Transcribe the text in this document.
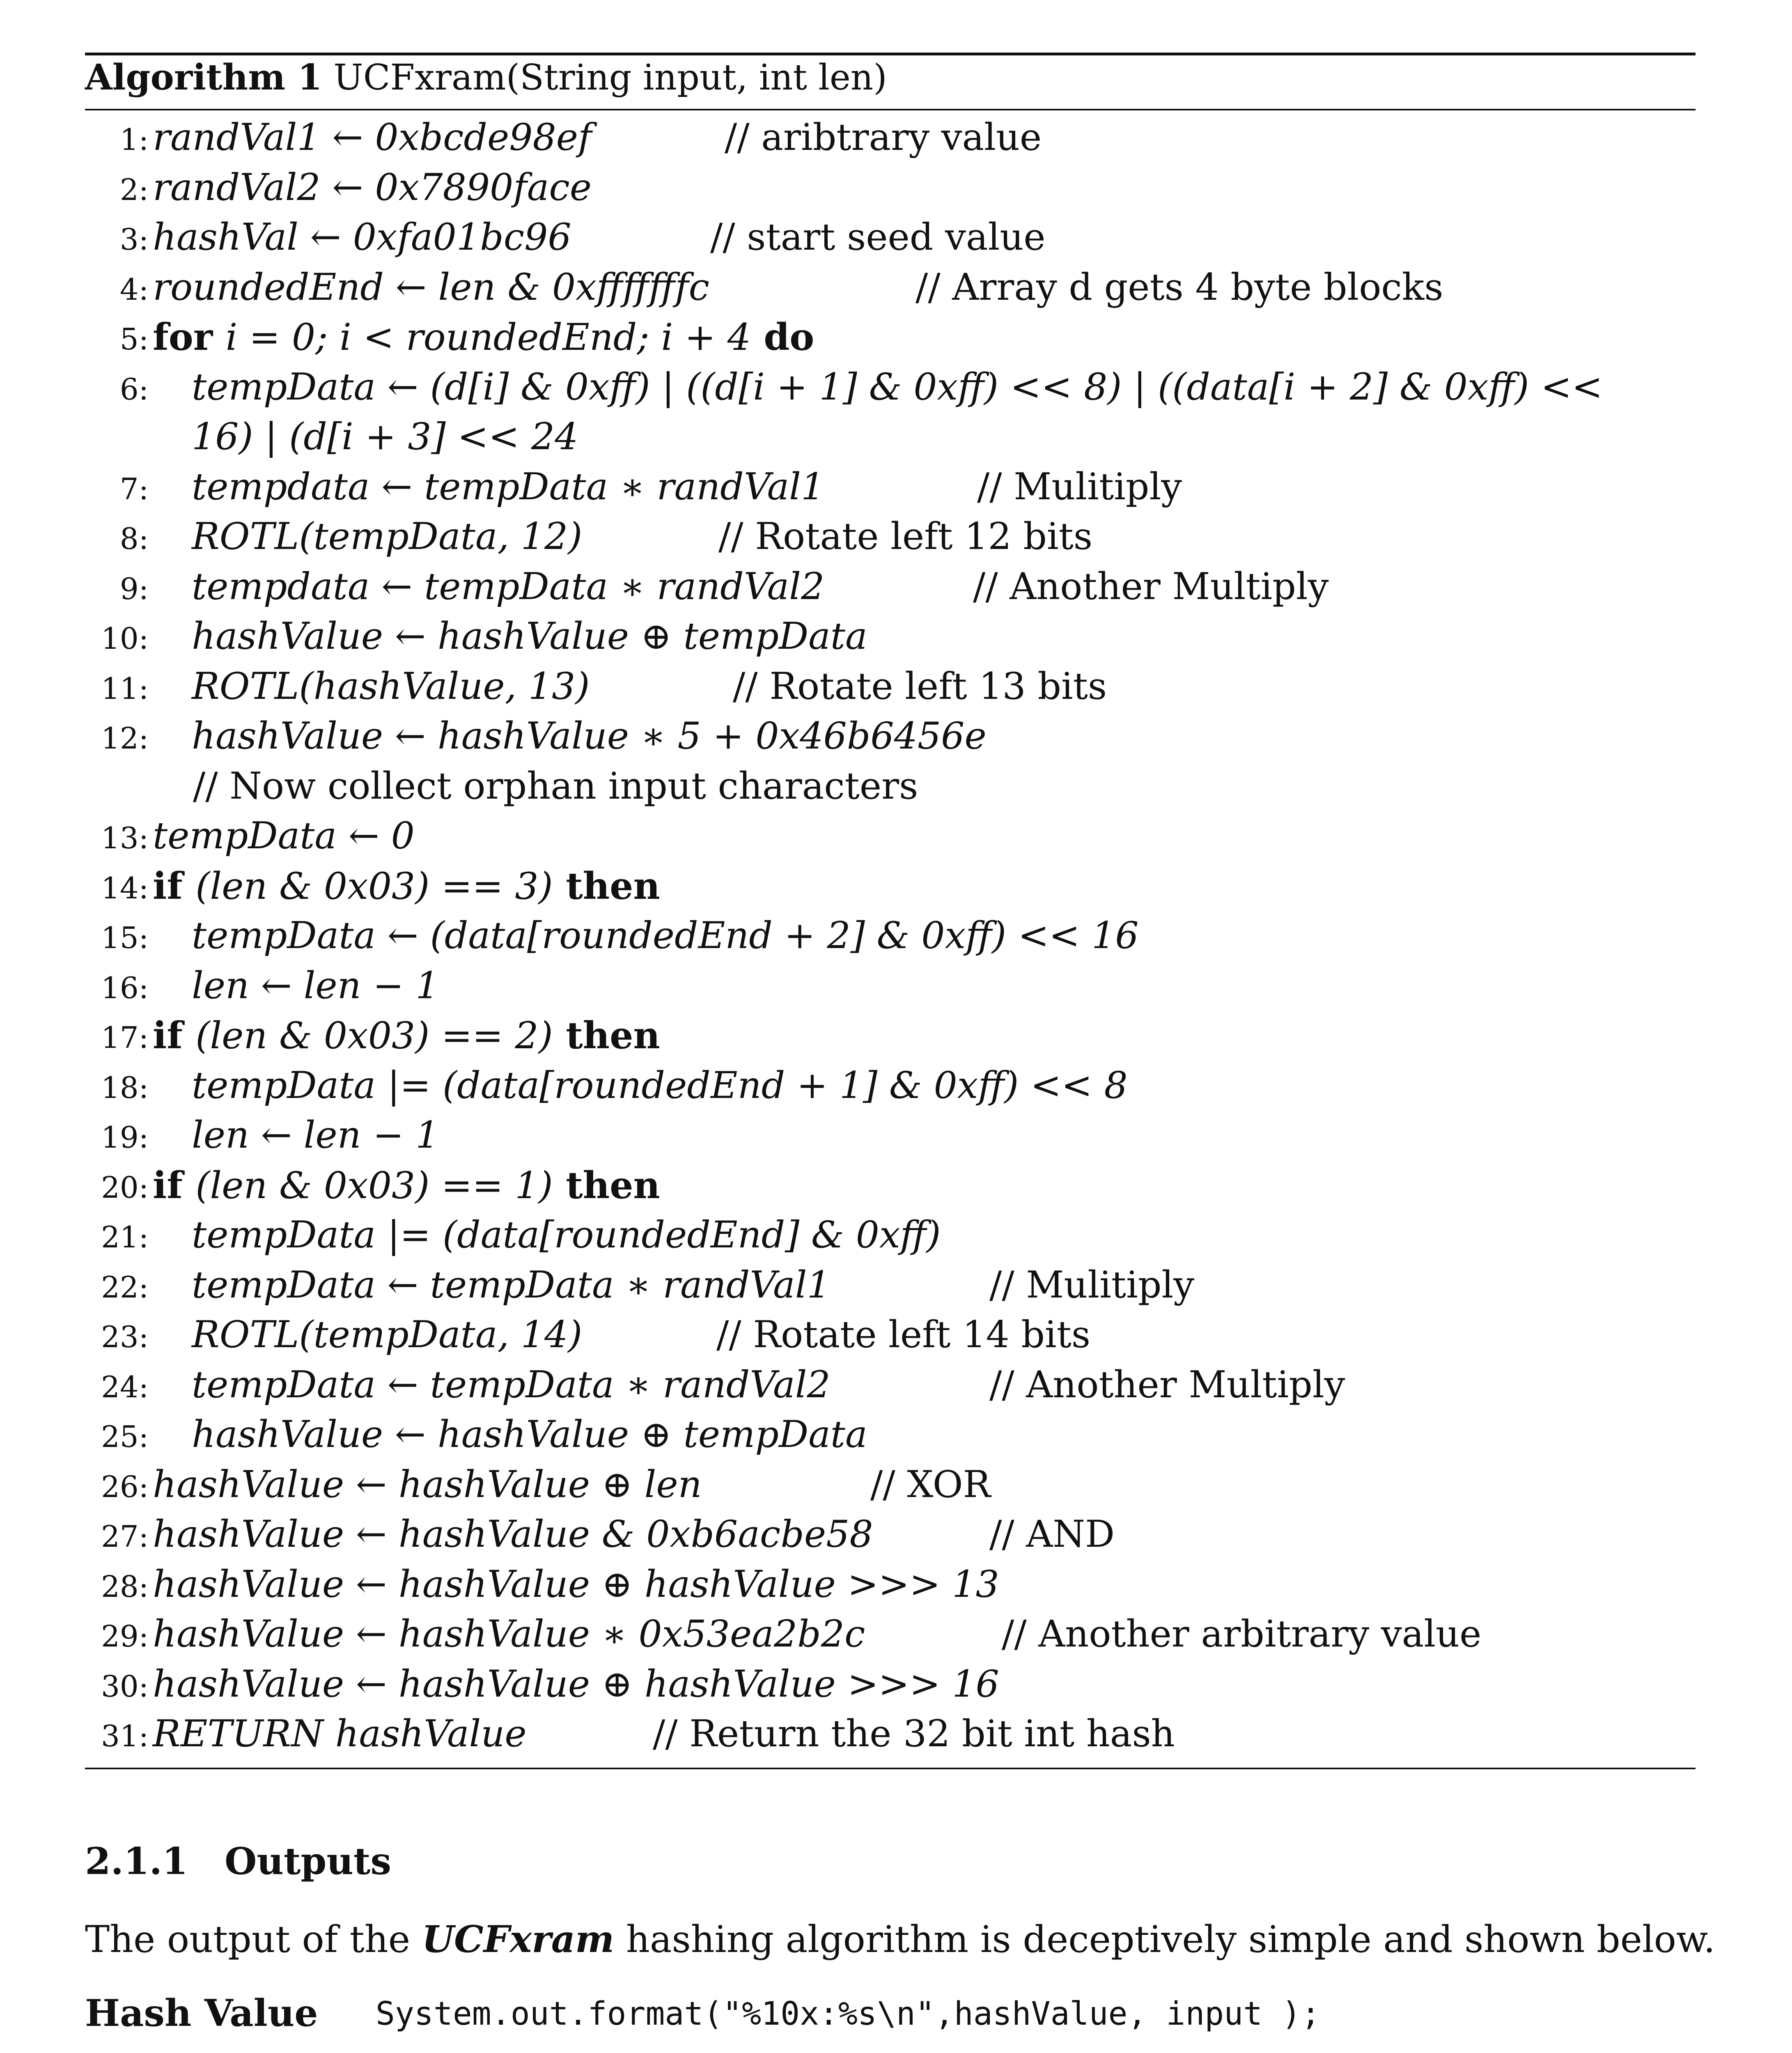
Algorithm 1 UCFxram(String input, int len)
1: randVal1 ← 0xbcde98ef	// aribtrary value
2: randVal2 ← 0x7890face
3: hashVal ← 0xfa01bc96	// start seed value
4: roundedEnd ← len & 0xfffffffc	// Array d gets 4 byte blocks
5: for i = 0; i < roundedEnd; i + 4 do
6: tempData ← (d[i] & 0xff) | ((d[i + 1] & 0xff) << 8) | ((data[i + 2] & 0xff) <<
16) | (d[i + 3] << 24
7: tempdata ← tempData ∗ randVal1	// Mulitiply
8: ROTL(tempData, 12)	// Rotate left 12 bits
9: tempdata ← tempData ∗ randVal2	// Another Multiply
10: hashValue ← hashValue ⊕ tempData
11: ROTL(hashValue, 13)	// Rotate left 13 bits
12: hashValue ← hashValue ∗ 5 + 0x46b6456e
// Now collect orphan input characters
13: tempData ← 0
14: if (len & 0x03) == 3) then
15: tempData ← (data[roundedEnd + 2] & 0xff) << 16
16: len ← len − 1
17: if (len & 0x03) == 2) then
18: tempData |= (data[roundedEnd + 1] & 0xff) << 8
19: len ← len − 1
20: if (len & 0x03) == 1) then
21: tempData |= (data[roundedEnd] & 0xff)
22: tempData ← tempData ∗ randVal1	// Mulitiply
23: ROTL(tempData, 14)	// Rotate left 14 bits
24: tempData ← tempData ∗ randVal2	// Another Multiply
25: hashValue ← hashValue ⊕ tempData
26: hashValue ← hashValue ⊕ len	// XOR
27: hashValue ← hashValue & 0xb6acbe58	// AND
28: hashValue ← hashValue ⊕ hashValue >>> 13
29: hashValue ← hashValue ∗ 0x53ea2b2c	// Another arbitrary value
30: hashValue ← hashValue ⊕ hashValue >>> 16
31: RETURN hashValue	// Return the 32 bit int hash
2.1.1 Outputs
The output of the UCFxram hashing algorithm is deceptively simple and shown below.
Hash Value System.out.format("%10x:%s\n",hashValue, input );
